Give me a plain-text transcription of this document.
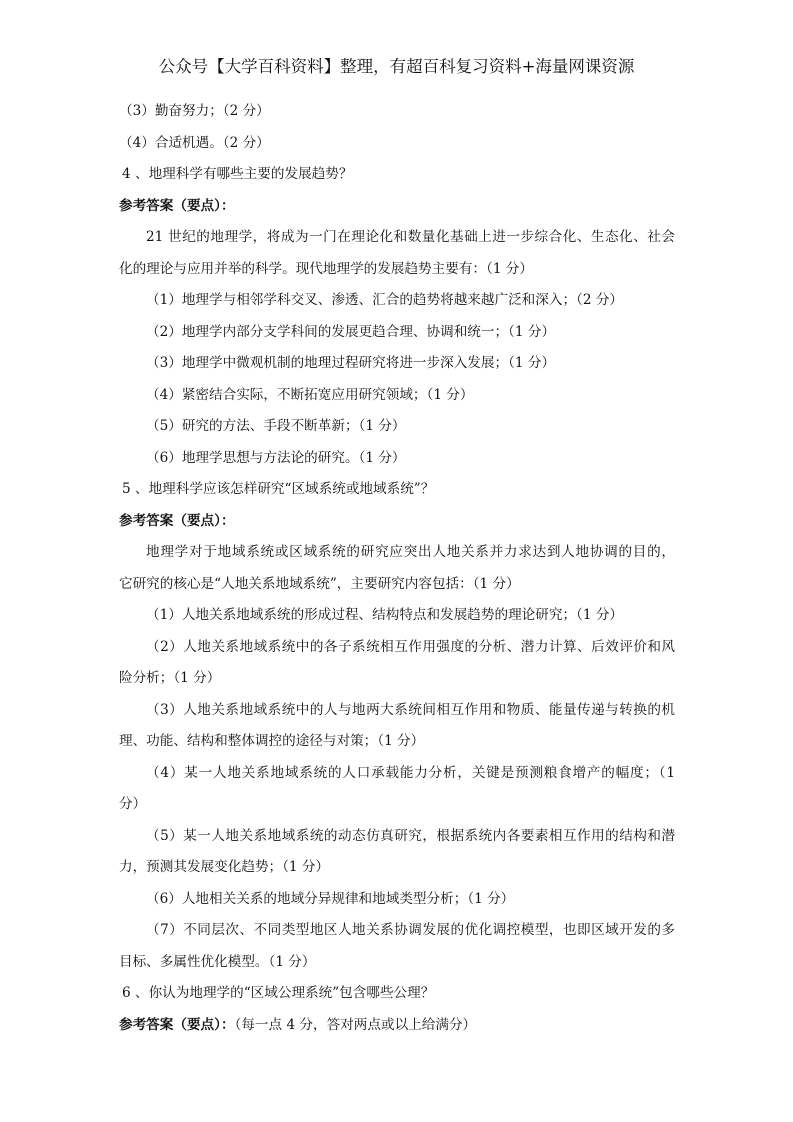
公众号【大学百科资料】整理，有超百科复习资料+海量网课资源
（3）勤奋努力；（2 分）
（4）合适机遇。（2 分）
4 、地理科学有哪些主要的发展趋势？
参考答案（要点）：
21 世纪的地理学，将成为一门在理论化和数量化基础上进一步综合化、生态化、社会
化的理论与应用并举的科学。现代地理学的发展趋势主要有：（1 分）
（1）地理学与相邻学科交叉、渗透、汇合的趋势将越来越广泛和深入；（2 分）
（2）地理学内部分支学科间的发展更趋合理、协调和统一；（1 分）
（3）地理学中微观机制的地理过程研究将进一步深入发展；（1 分）
（4）紧密结合实际，不断拓宽应用研究领域；（1 分）
（5）研究的方法、手段不断革新；（1 分）
（6）地理学思想与方法论的研究。（1 分）
5 、地理科学应该怎样研究“区域系统或地域系统”？
参考答案（要点）：
地理学对于地域系统或区域系统的研究应突出人地关系并力求达到人地协调的目的，
它研究的核心是“人地关系地域系统”，主要研究内容包括：（1 分）
（1）人地关系地域系统的形成过程、结构特点和发展趋势的理论研究；（1 分）
（2）人地关系地域系统中的各子系统相互作用强度的分析、潜力计算、后效评价和风
险分析；（1 分）
（3）人地关系地域系统中的人与地两大系统间相互作用和物质、能量传递与转换的机
理、功能、结构和整体调控的途径与对策；（1 分）
（4）某一人地关系地域系统的人口承载能力分析，关键是预测粮食增产的幅度；（1
分）
（5）某一人地关系地域系统的动态仿真研究，根据系统内各要素相互作用的结构和潜
力，预测其发展变化趋势；（1 分）
（6）人地相关关系的地域分异规律和地域类型分析；（1 分）
（7）不同层次、不同类型地区人地关系协调发展的优化调控模型，也即区域开发的多
目标、多属性优化模型。（1 分）
6 、你认为地理学的“区域公理系统”包含哪些公理？
参考答案（要点）：（每一点 4 分，答对两点或以上给满分）
